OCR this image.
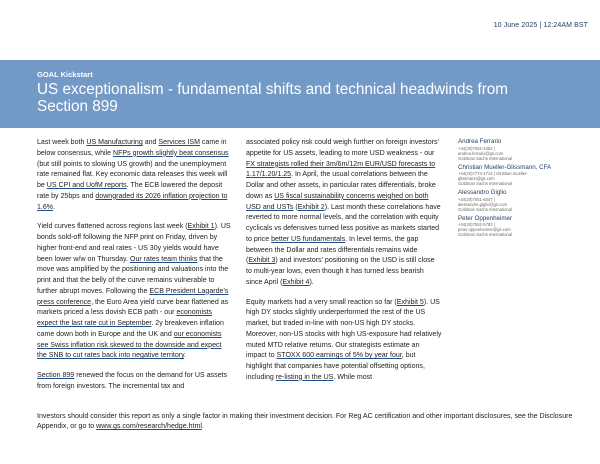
10 June 2025 | 12:24AM BST
GOAL Kickstart
US exceptionalism - fundamental shifts and technical headwinds from Section 899

Last week both US Manufacturing and Services ISM came in below consensus, while NFPs growth slightly beat consensus (but still points to slowing US growth) and the unemployment rate remained flat. Key economic data releases this week will be US CPI and UofM reports. The ECB lowered the deposit rate by 25bps and downgraded its 2026 inflation projection to 1.6%.

Yield curves flattened across regions last week (Exhibit 1). US bonds sold-off following the NFP print on Friday, driven by higher front-end and real rates - US 30y yields would have been lower w/w on Thursday. Our rates team thinks that the move was amplified by the positioning and valuations into the print and that the belly of the curve remains vulnerable to further abrupt moves. Following the ECB President Lagarde's press conference, the Euro Area yield curve bear flattened as markets priced a less dovish ECB path - our economists expect the last rate cut in September. 2y breakeven inflation came down both in Europe and the UK and our economists see Swiss inflation risk skewed to the downside and expect the SNB to cut rates back into negative territory.

Section 899 renewed the focus on the demand for US assets from foreign investors. The incremental tax and

associated policy risk could weigh further on foreign investors' appetite for US assets, leading to more USD weakness - our FX strategists rolled their 3m/6m/12m EUR/USD forecasts to 1.17/1.20/1.25. In April, the usual correlations between the Dollar and other assets, in particular rates differentials, broke down as US fiscal sustainability concerns weighed on both USD and USTs (Exhibit 2). Last month these correlations have reverted to more normal levels, and the correlation with equity cyclicals vs defensives turned less positive as markets started to price better US fundamentals. In level terms, the gap between the Dollar and rates differentials remains wide (Exhibit 3) and investors' positioning on the USD is still close to multi-year lows, even though it has turned less bearish since April (Exhibit 4).

Equity markets had a very small reaction so far (Exhibit 5). US high DY stocks slightly underperformed the rest of the US market, but traded in-line with non-US high DY stocks. Moreover, non-US stocks with high US-exposure had relatively muted MTD relative returns. Our strategists estimate an impact to STOXX 600 earnings of 5% by year four, but highlight that companies have potential offsetting options, including re-listing in the US. While most

Andrea Ferrario
+44(20)7552-4352 |
andrea.ferrario@gs.com
Goldman Sachs International
Christian Mueller-Glissmann, CFA
+44(20)7774-1714 | christian.mueller-
glissmann@gs.com
Goldman Sachs International
Alessandro Giglio
+44(20)7051-6047 |
alessandro.giglio@gs.com
Goldman Sachs International
Peter Oppenheimer
+44(20)7552-5782 |
peter.oppenheimer@gs.com
Goldman Sachs International
Investors should consider this report as only a single factor in making their investment decision. For Reg AC certification and other important disclosures, see the Disclosure Appendix, or go to www.gs.com/research/hedge.html.
